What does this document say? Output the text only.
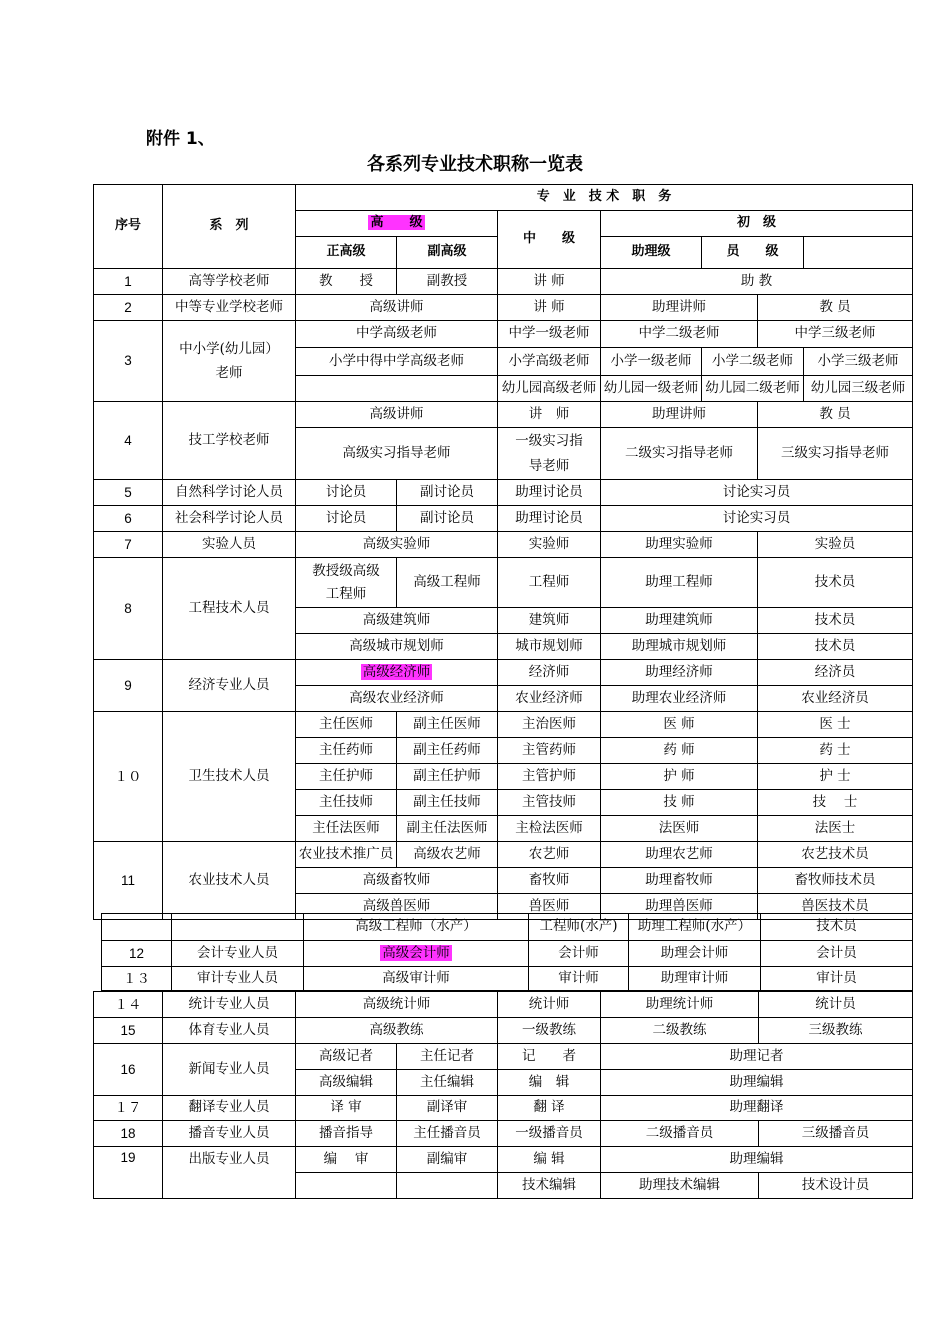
附件 1、
各系列专业技术职称一览表
序号	系　列	专　业　技 术　职　务						
		高　　级		中　　级	初　级			
		正高级	副高级		助理级	员　　级		
1	高等学校老师	教　　授	副教授	讲 师	助 教			
2	中等专业学校老师	高级讲师		讲 师	助理讲师		教 员	
3	中小学(幼儿园）老师	中学高级老师		中学一级老师	中学二级老师		中学三级老师	
		小学中得中学高级老师		小学高级老师	小学一级老师	小学二级老师		小学三级老师
				幼儿园高级老师	幼儿园一级老师	幼儿园二级老师		幼儿园三级老师
4	技工学校老师	高级讲师		讲　师	助理讲师		教 员	
		高级实习指导老师		一级实习指导老师	二级实习指导老师		三级实习指导老师	
5	自然科学讨论人员	讨论员	副讨论员	助理讨论员	讨论实习员			
6	社会科学讨论人员	讨论员	副讨论员	助理讨论员	讨论实习员			
7	实验人员	高级实验师		实验师	助理实验师		实验员	
8	工程技术人员	教授级高级工程师	高级工程师	工程师	助理工程师		技术员	
		高级建筑师		建筑师	助理建筑师		技术员	
		高级城市规划师		城市规划师	助理城市规划师		技术员	
9	经济专业人员	高级经济师		经济师	助理经济师		经济员	
		高级农业经济师		农业经济师	助理农业经济师		农业经济员	
１０	卫生技术人员	主任医师	副主任医师	主治医师	医 师		医 士	
		主任药师	副主任药师	主管药师	药 师		药 士	
		主任护师	副主任护师	主管护师	护 师		护 士	
		主任技师	副主任技师	主管技师	技 师		技　 士	
		主任法医师	副主任法医师	主检法医师	法医师		法医士	
11	农业技术人员	农业技术推广员	高级农艺师	农艺师	助理农艺师		农艺技术员	
		高级畜牧师		畜牧师	助理畜牧师		畜牧师技术员	
		高级兽医师		兽医师	助理兽医师		兽医技术员	
		高级工程师（水产）	工程师(水产)	助理工程师(水产）	技术员
12	会计专业人员	高级会计师	会计师	助理会计师	会计员
１３	审计专业人员	高级审计师	审计师	助理审计师	审计员
１４	统计专业人员	高级统计师		统计师	助理统计师	统计员
15	体育专业人员	高级教练		一级教练	二级教练	三级教练
16	新闻专业人员	高级记者	主任记者	记　　者	助理记者	
		高级编辑	主任编辑	编　辑	助理编辑	
１７	翻译专业人员	译 审	副译审	翻 译	助理翻译	
18	播音专业人员	播音指导	主任播音员	一级播音员	二级播音员	三级播音员
19	出版专业人员	编　 审	副编审	编 辑	助理编辑	
				技术编辑	助理技术编辑	技术设计员
